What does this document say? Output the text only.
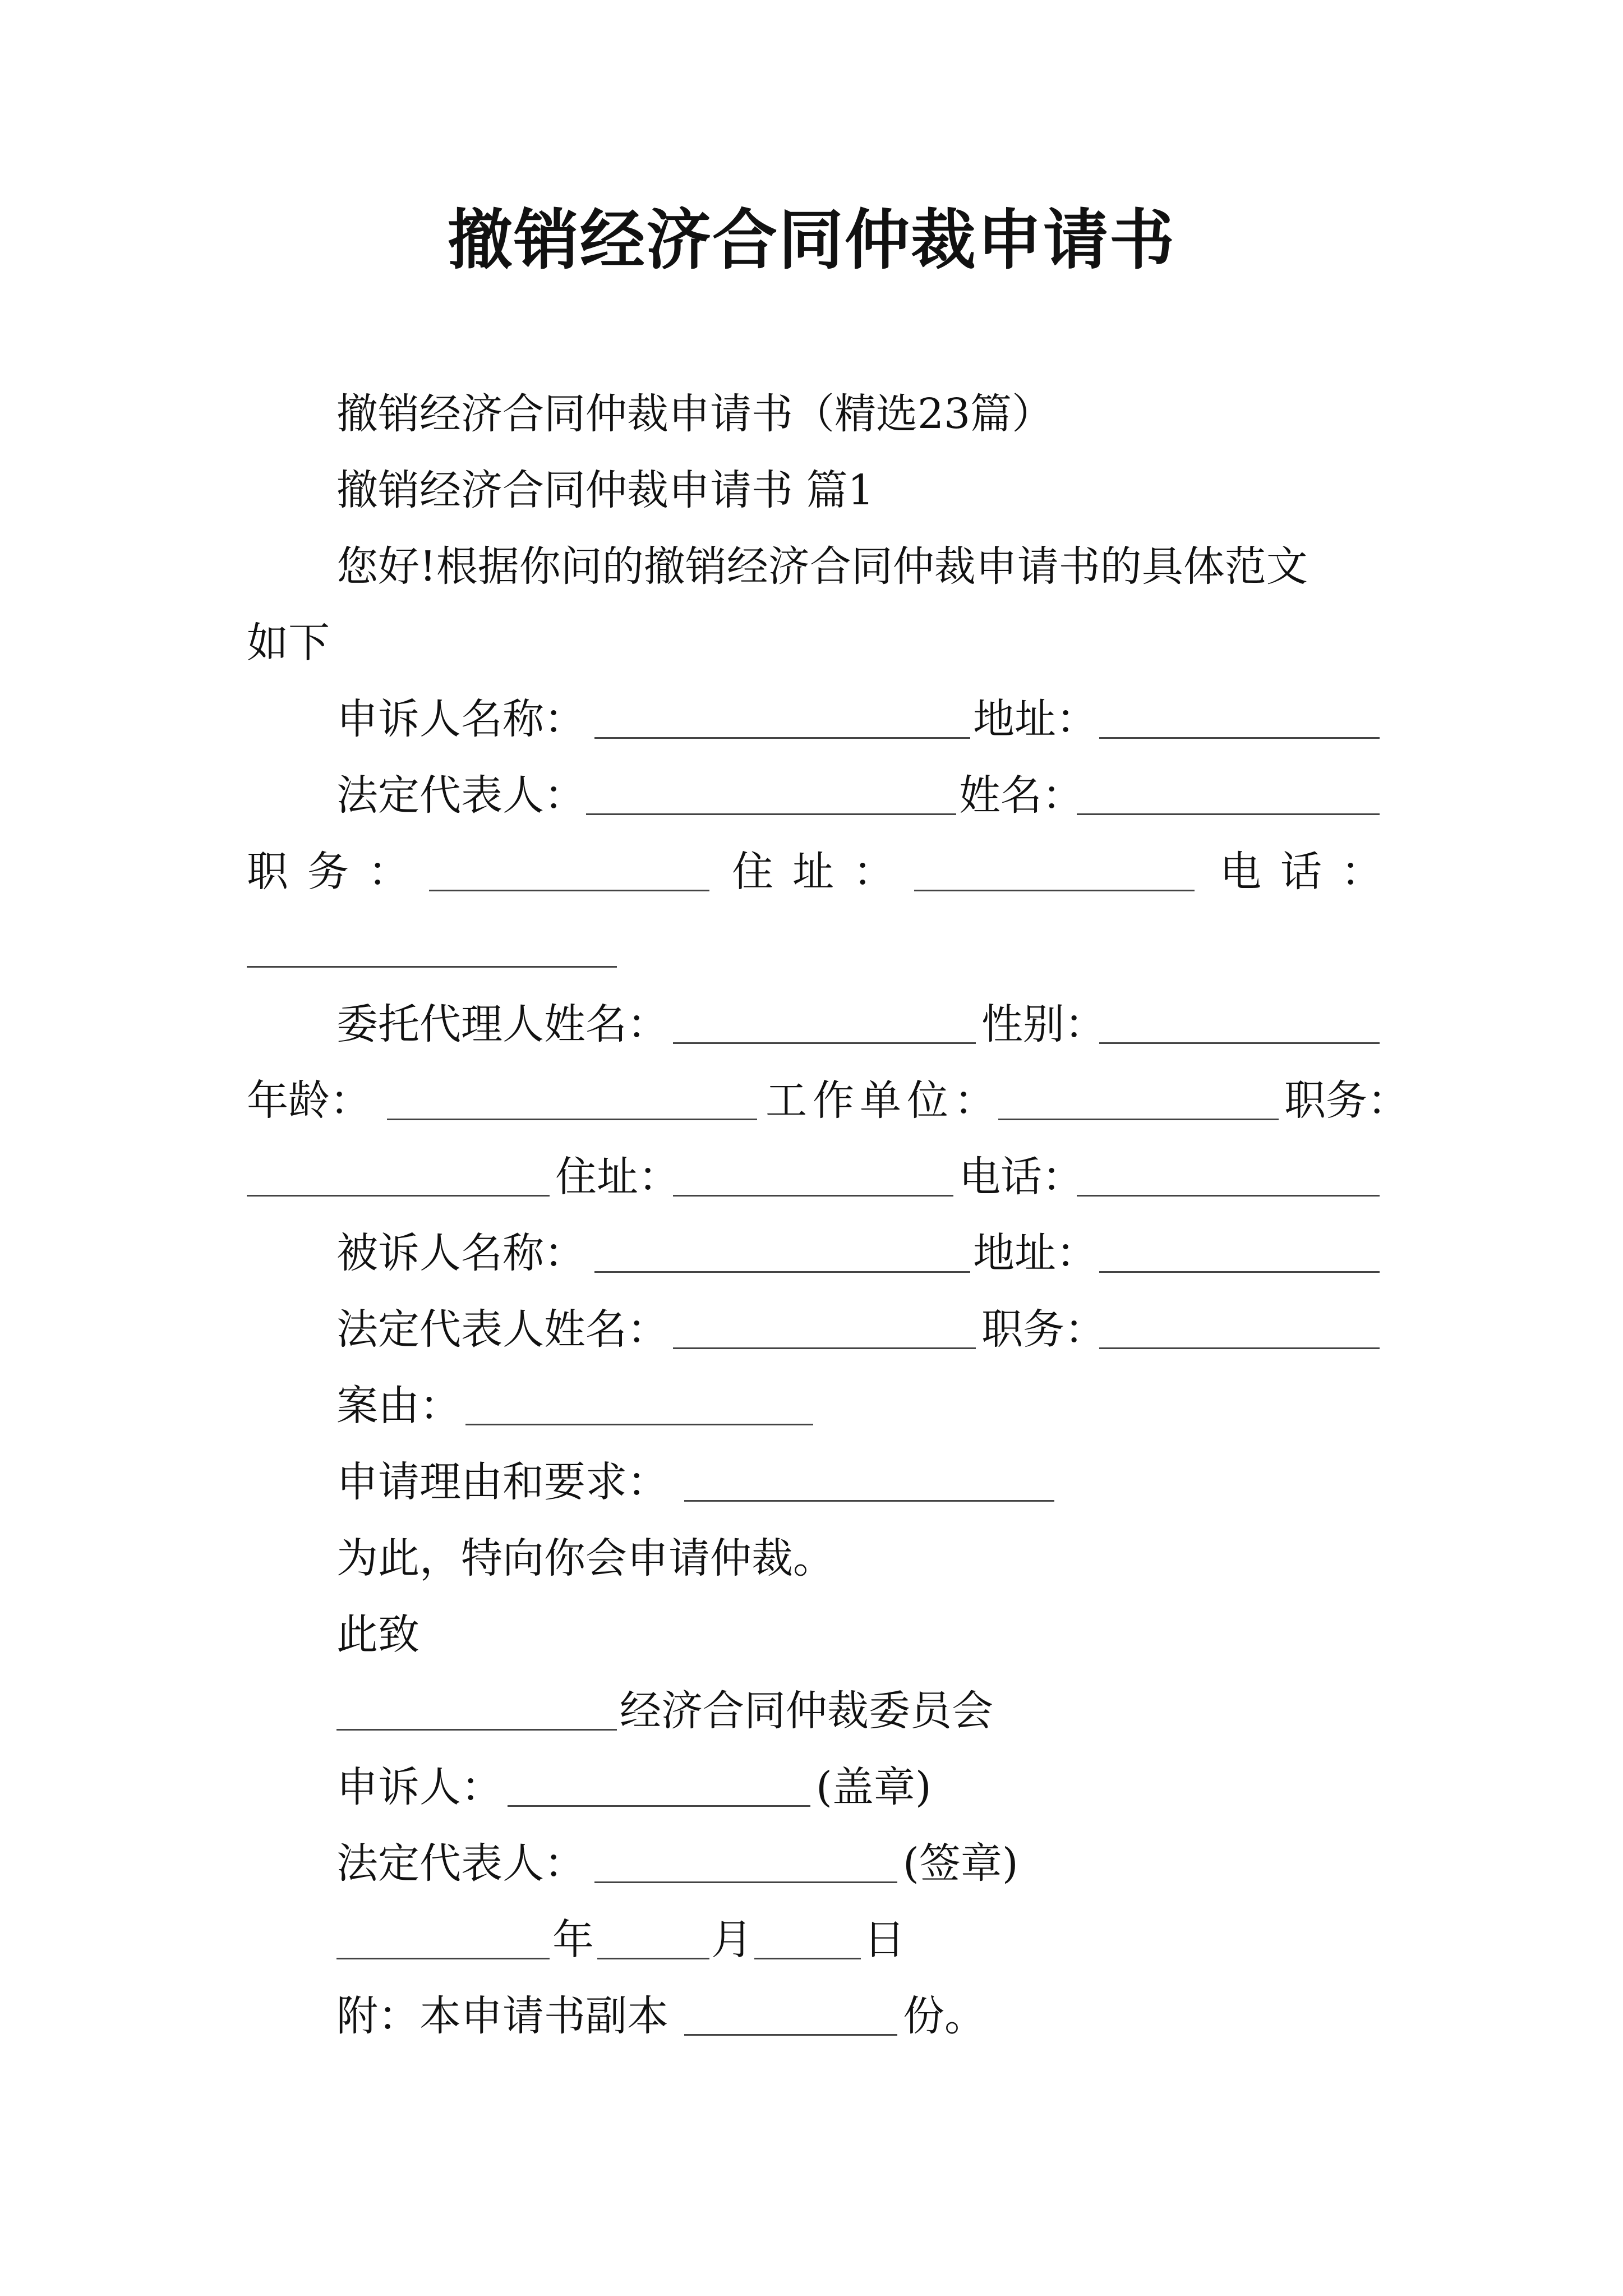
撤销经济合同仲裁申请书
撤销经济合同仲裁申请书（精选23篇）
撤销经济合同仲裁申请书 篇1
您好!根据你问的撤销经济合同仲裁申请书的具体范文
如下
申诉人名称：	地址：
法定代表人：	姓名：
职 务 ：	住 址 ：	电 话 ：
委托代理人姓名：	性别：
年龄：	工作单位：	职务：
住址：	电话：
被诉人名称：	地址：
法定代表人姓名：	职务：
案由：
申请理由和要求：
为此，特向你会申请仲裁。
此致
经济合同仲裁委员会
申诉人：	(盖章)
法定代表人：	(签章)
年	月	日
附：本申请书副本	份。
